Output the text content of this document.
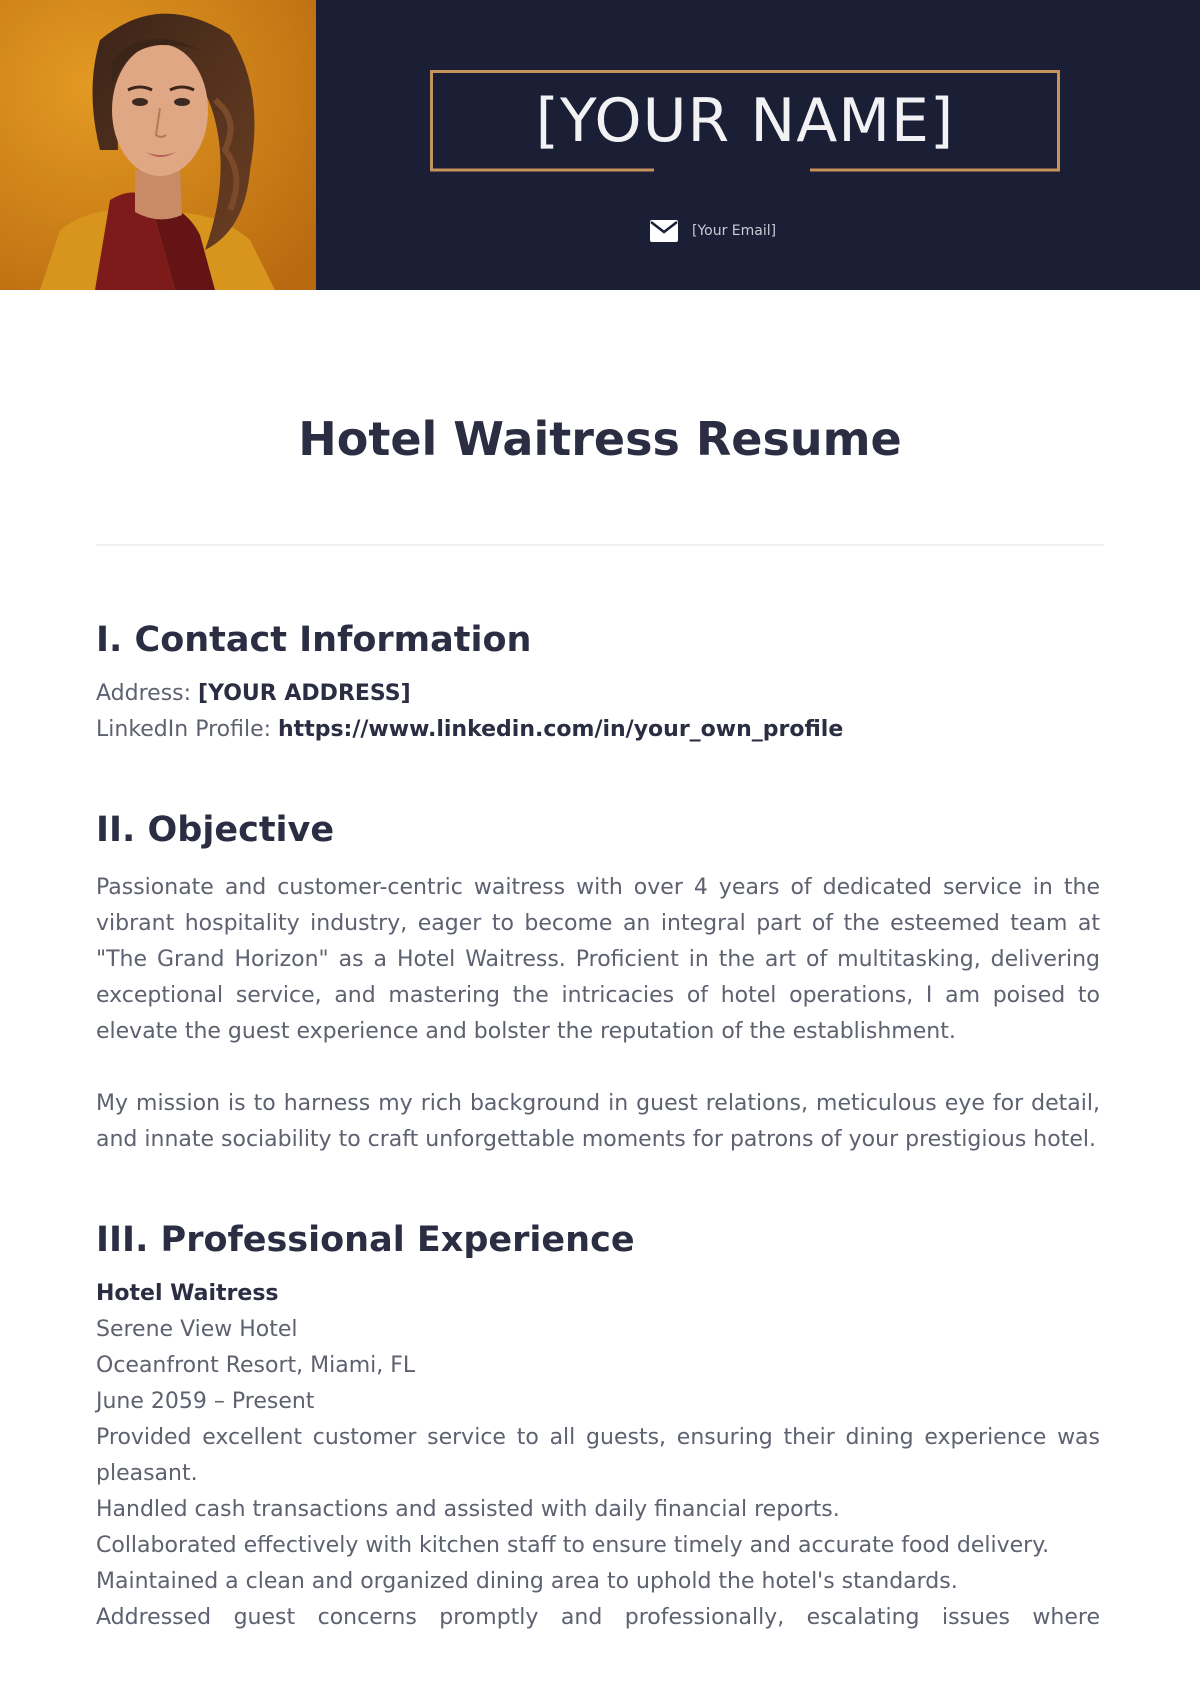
[YOUR NAME]
[Your Email]
Hotel Waitress Resume
I. Contact Information
Address: [YOUR ADDRESS]
LinkedIn Profile: https://www.linkedin.com/in/your_own_profile
II. Objective

Passionate and customer-centric waitress with over 4 years of dedicated service in the vibrant hospitality industry, eager to become an integral part of the esteemed team at "The Grand Horizon" as a Hotel Waitress. Proficient in the art of multitasking, delivering exceptional service, and mastering the intricacies of hotel operations, I am poised to elevate the guest experience and bolster the reputation of the establishment.

My mission is to harness my rich background in guest relations, meticulous eye for detail, and innate sociability to craft unforgettable moments for patrons of your prestigious hotel.

III. Professional Experience
Hotel Waitress
Serene View Hotel
Oceanfront Resort, Miami, FL
June 2059 – Present
Provided excellent customer service to all guests, ensuring their dining experience was pleasant.
Handled cash transactions and assisted with daily financial reports.
Collaborated effectively with kitchen staff to ensure timely and accurate food delivery.
Maintained a clean and organized dining area to uphold the hotel's standards.
Addressed guest concerns promptly and professionally, escalating issues where
